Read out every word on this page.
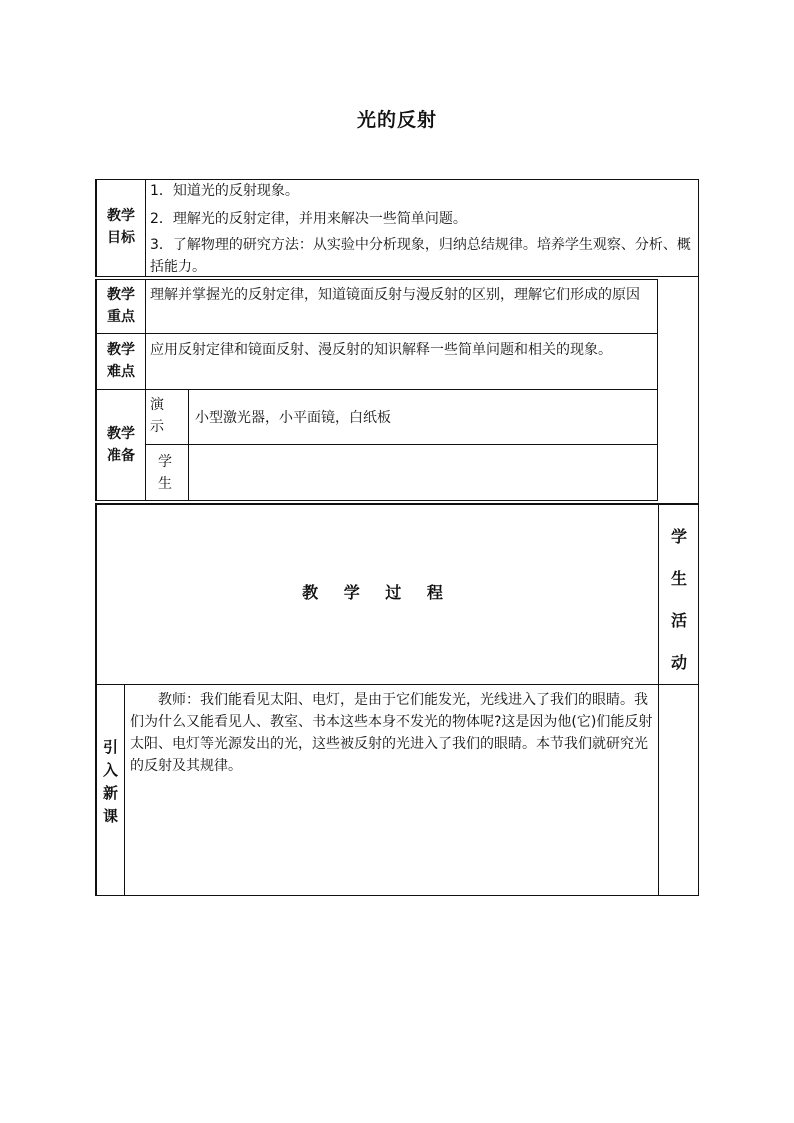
光的反射
教学
目标
1．知道光的反射现象。
2．理解光的反射定律，并用来解决一些简单问题。
3．了解物理的研究方法：从实验中分析现象，归纳总结规律。培养学生观察、分析、概括能力。
教学
重点
理解并掌握光的反射定律，知道镜面反射与漫反射的区别，理解它们形成的原因
教学
难点
应用反射定律和镜面反射、漫反射的知识解释一些简单问题和相关的现象。
教学
准备
演
示
小型激光器，小平面镜，白纸板
学
生
教 学 过 程
学
生
活
动
引
入
新
课
教师：我们能看见太阳、电灯，是由于它们能发光，光线进入了我们的眼睛。我们为什么又能看见人、教室、书本这些本身不发光的物体呢?这是因为他(它)们能反射太阳、电灯等光源发出的光，这些被反射的光进入了我们的眼睛。本节我们就研究光的反射及其规律。
